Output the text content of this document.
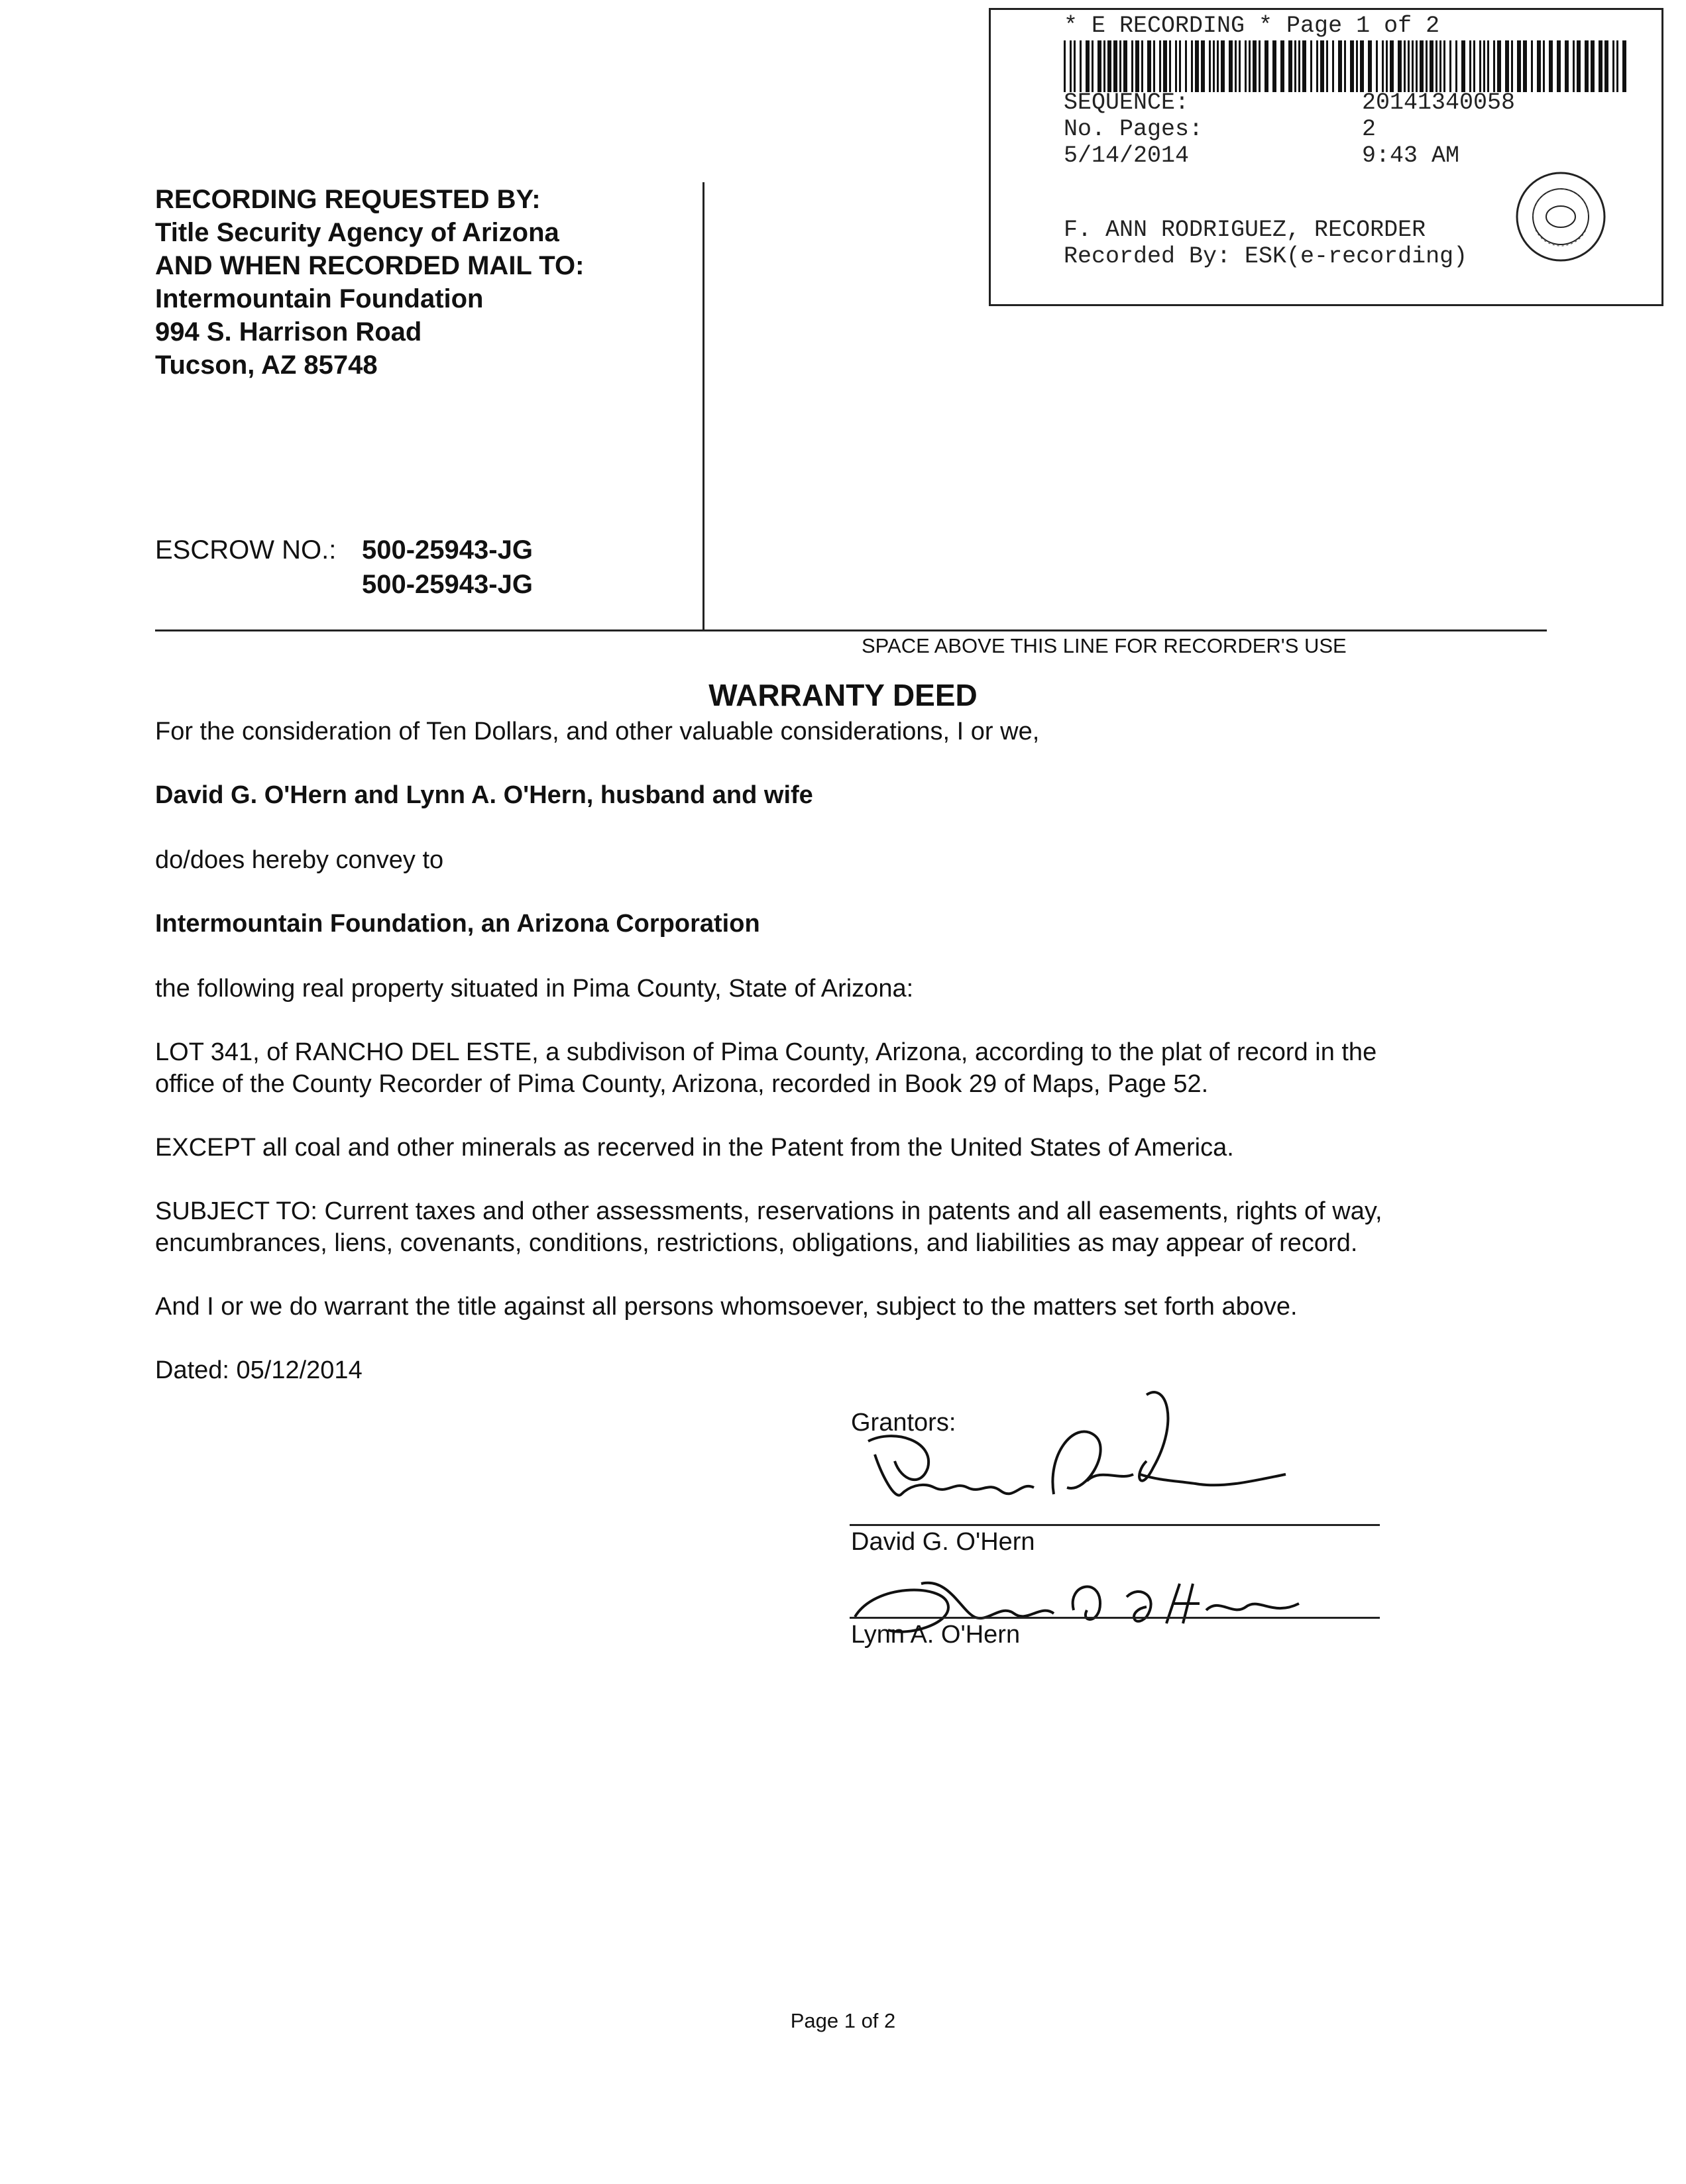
* E RECORDING * Page 1 of 2
SEQUENCE:	20141340058
No. Pages:	2
5/14/2014	9:43 AM
F. ANN RODRIGUEZ, RECORDER
Recorded By: ESK(e-recording)
RECORDING REQUESTED BY:
Title Security Agency of Arizona
AND WHEN RECORDED MAIL TO:
Intermountain Foundation
994 S. Harrison Road
Tucson, AZ 85748
ESCROW NO.: 500-25943-JG
500-25943-JG
SPACE ABOVE THIS LINE FOR RECORDER'S USE
WARRANTY DEED
For the consideration of Ten Dollars, and other valuable considerations, I or we,
David G. O'Hern and Lynn A. O'Hern, husband and wife
do/does hereby convey to
Intermountain Foundation, an Arizona Corporation
the following real property situated in Pima County, State of Arizona:
LOT 341, of RANCHO DEL ESTE, a subdivison of Pima County, Arizona, according to the plat of record in the
office of the County Recorder of Pima County, Arizona, recorded in Book 29 of Maps, Page 52.
EXCEPT all coal and other minerals as recerved in the Patent from the United States of America.
SUBJECT TO: Current taxes and other assessments, reservations in patents and all easements, rights of way,
encumbrances, liens, covenants, conditions, restrictions, obligations, and liabilities as may appear of record.
And I or we do warrant the title against all persons whomsoever, subject to the matters set forth above.
Dated: 05/12/2014
Grantors:
David G. O'Hern
Lynn A. O'Hern
Page 1 of 2
